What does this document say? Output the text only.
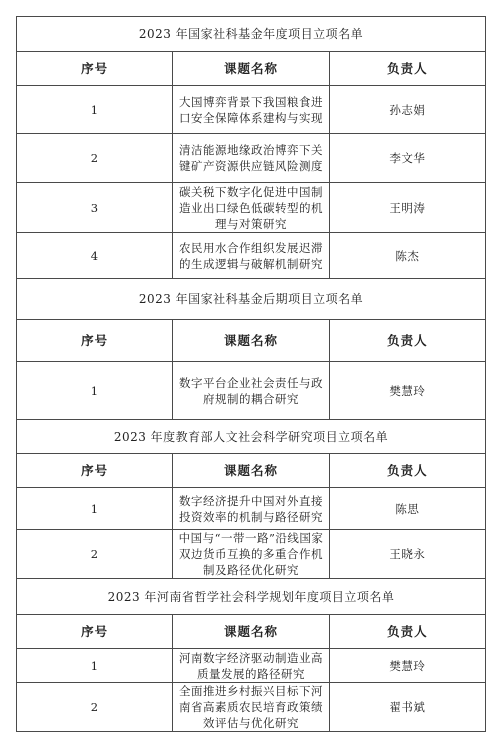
2023 年国家社科基金年度项目立项名单		
序号	课题名称	负责人
1	大国博弈背景下我国粮食进口安全保障体系建构与实现	孙志娟
2	清洁能源地缘政治博弈下关键矿产资源供应链风险测度	李文华
3	碳关税下数字化促进中国制造业出口绿色低碳转型的机理与对策研究	王明涛
4	农民用水合作组织发展迟滞的生成逻辑与破解机制研究	陈杰
2023 年国家社科基金后期项目立项名单		
序号	课题名称	负责人
1	数字平台企业社会责任与政府规制的耦合研究	樊慧玲
2023 年度教育部人文社会科学研究项目立项名单		
序号	课题名称	负责人
1	数字经济提升中国对外直接投资效率的机制与路径研究	陈思
2	中国与“一带一路”沿线国家双边货币互换的多重合作机制及路径优化研究	王晓永
2023 年河南省哲学社会科学规划年度项目立项名单		
序号	课题名称	负责人
1	河南数字经济驱动制造业高质量发展的路径研究	樊慧玲
2	全面推进乡村振兴目标下河南省高素质农民培育政策绩效评估与优化研究	翟书斌
